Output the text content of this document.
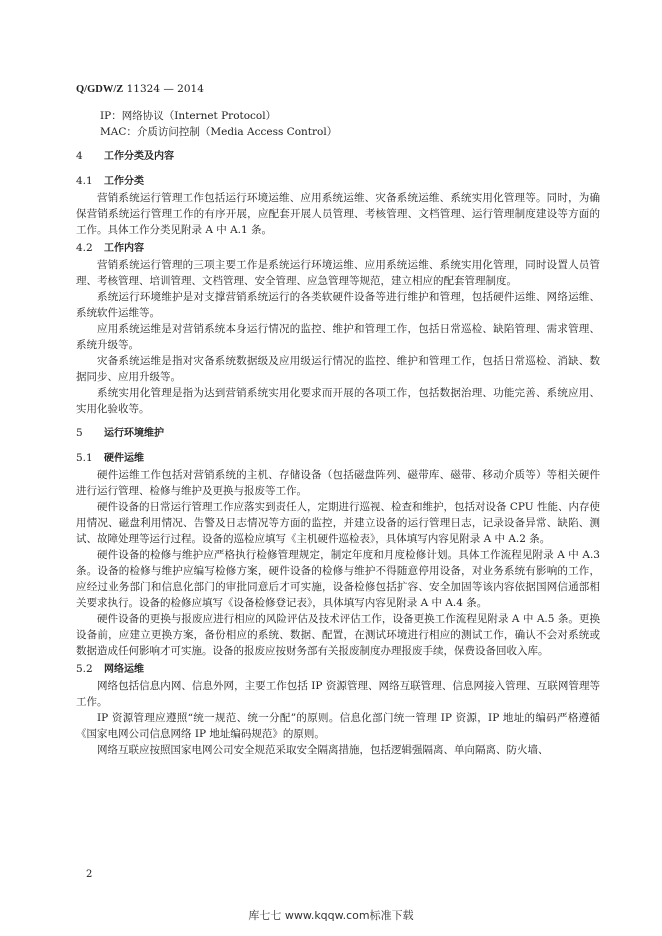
Q/GDW/Z 11324 — 2014

IP：网络协议（Internet Protocol）

MAC：介质访问控制（Media Access Control）

4 工作分类及内容
4.1 工作分类

营销系统运行管理工作包括运行环境运维、应用系统运维、灾备系统运维、系统实用化管理等。同时，为确保营销系统运行管理工作的有序开展，应配套开展人员管理、考核管理、文档管理、运行管理制度建设等方面的工作。具体工作分类见附录 A 中 A.1 条。

4.2 工作内容

营销系统运行管理的三项主要工作是系统运行环境运维、应用系统运维、系统实用化管理，同时设置人员管理、考核管理、培训管理、文档管理、安全管理、应急管理等规范，建立相应的配套管理制度。

系统运行环境维护是对支撑营销系统运行的各类软硬件设备等进行维护和管理，包括硬件运维、网络运维、系统软件运维等。

应用系统运维是对营销系统本身运行情况的监控、维护和管理工作，包括日常巡检、缺陷管理、需求管理、系统升级等。

灾备系统运维是指对灾备系统数据级及应用级运行情况的监控、维护和管理工作，包括日常巡检、消缺、数据同步、应用升级等。

系统实用化管理是指为达到营销系统实用化要求而开展的各项工作，包括数据治理、功能完善、系统应用、实用化验收等。

5 运行环境维护
5.1 硬件运维

硬件运维工作包括对营销系统的主机、存储设备（包括磁盘阵列、磁带库、磁带、移动介质等）等相关硬件进行运行管理、检修与维护及更换与报废等工作。

硬件设备的日常运行管理工作应落实到责任人，定期进行巡视、检查和维护，包括对设备 CPU 性能、内存使用情况、磁盘利用情况、告警及日志情况等方面的监控，并建立设备的运行管理日志，记录设备异常、缺陷、测试、故障处理等运行过程。设备的巡检应填写《主机硬件巡检表》，具体填写内容见附录 A 中 A.2 条。

硬件设备的检修与维护应严格执行检修管理规定，制定年度和月度检修计划。具体工作流程见附录 A 中 A.3 条。设备的检修与维护应编写检修方案，硬件设备的检修与维护不得随意停用设备，对业务系统有影响的工作，应经过业务部门和信息化部门的审批同意后才可实施，设备检修包括扩容、安全加固等该内容依据国网信通部相关要求执行。设备的检修应填写《设备检修登记表》，具体填写内容见附录 A 中 A.4 条。

硬件设备的更换与报废应进行相应的风险评估及技术评估工作，设备更换工作流程见附录 A 中 A.5 条。更换设备前，应建立更换方案，备份相应的系统、数据、配置，在测试环境进行相应的测试工作，确认不会对系统或数据造成任何影响才可实施。设备的报废应按财务部有关报废制度办理报废手续，保费设备回收入库。

5.2 网络运维

网络包括信息内网、信息外网，主要工作包括 IP 资源管理、网络互联管理、信息网接入管理、互联网管理等工作。

IP 资源管理应遵照“统一规范、统一分配”的原则。信息化部门统一管理 IP 资源，IP 地址的编码严格遵循《国家电网公司信息网络 IP 地址编码规范》的原则。

网络互联应按照国家电网公司安全规范采取安全隔离措施，包括逻辑强隔离、单向隔离、防火墙、

2
库七七 www.kqqw.com标准下载
